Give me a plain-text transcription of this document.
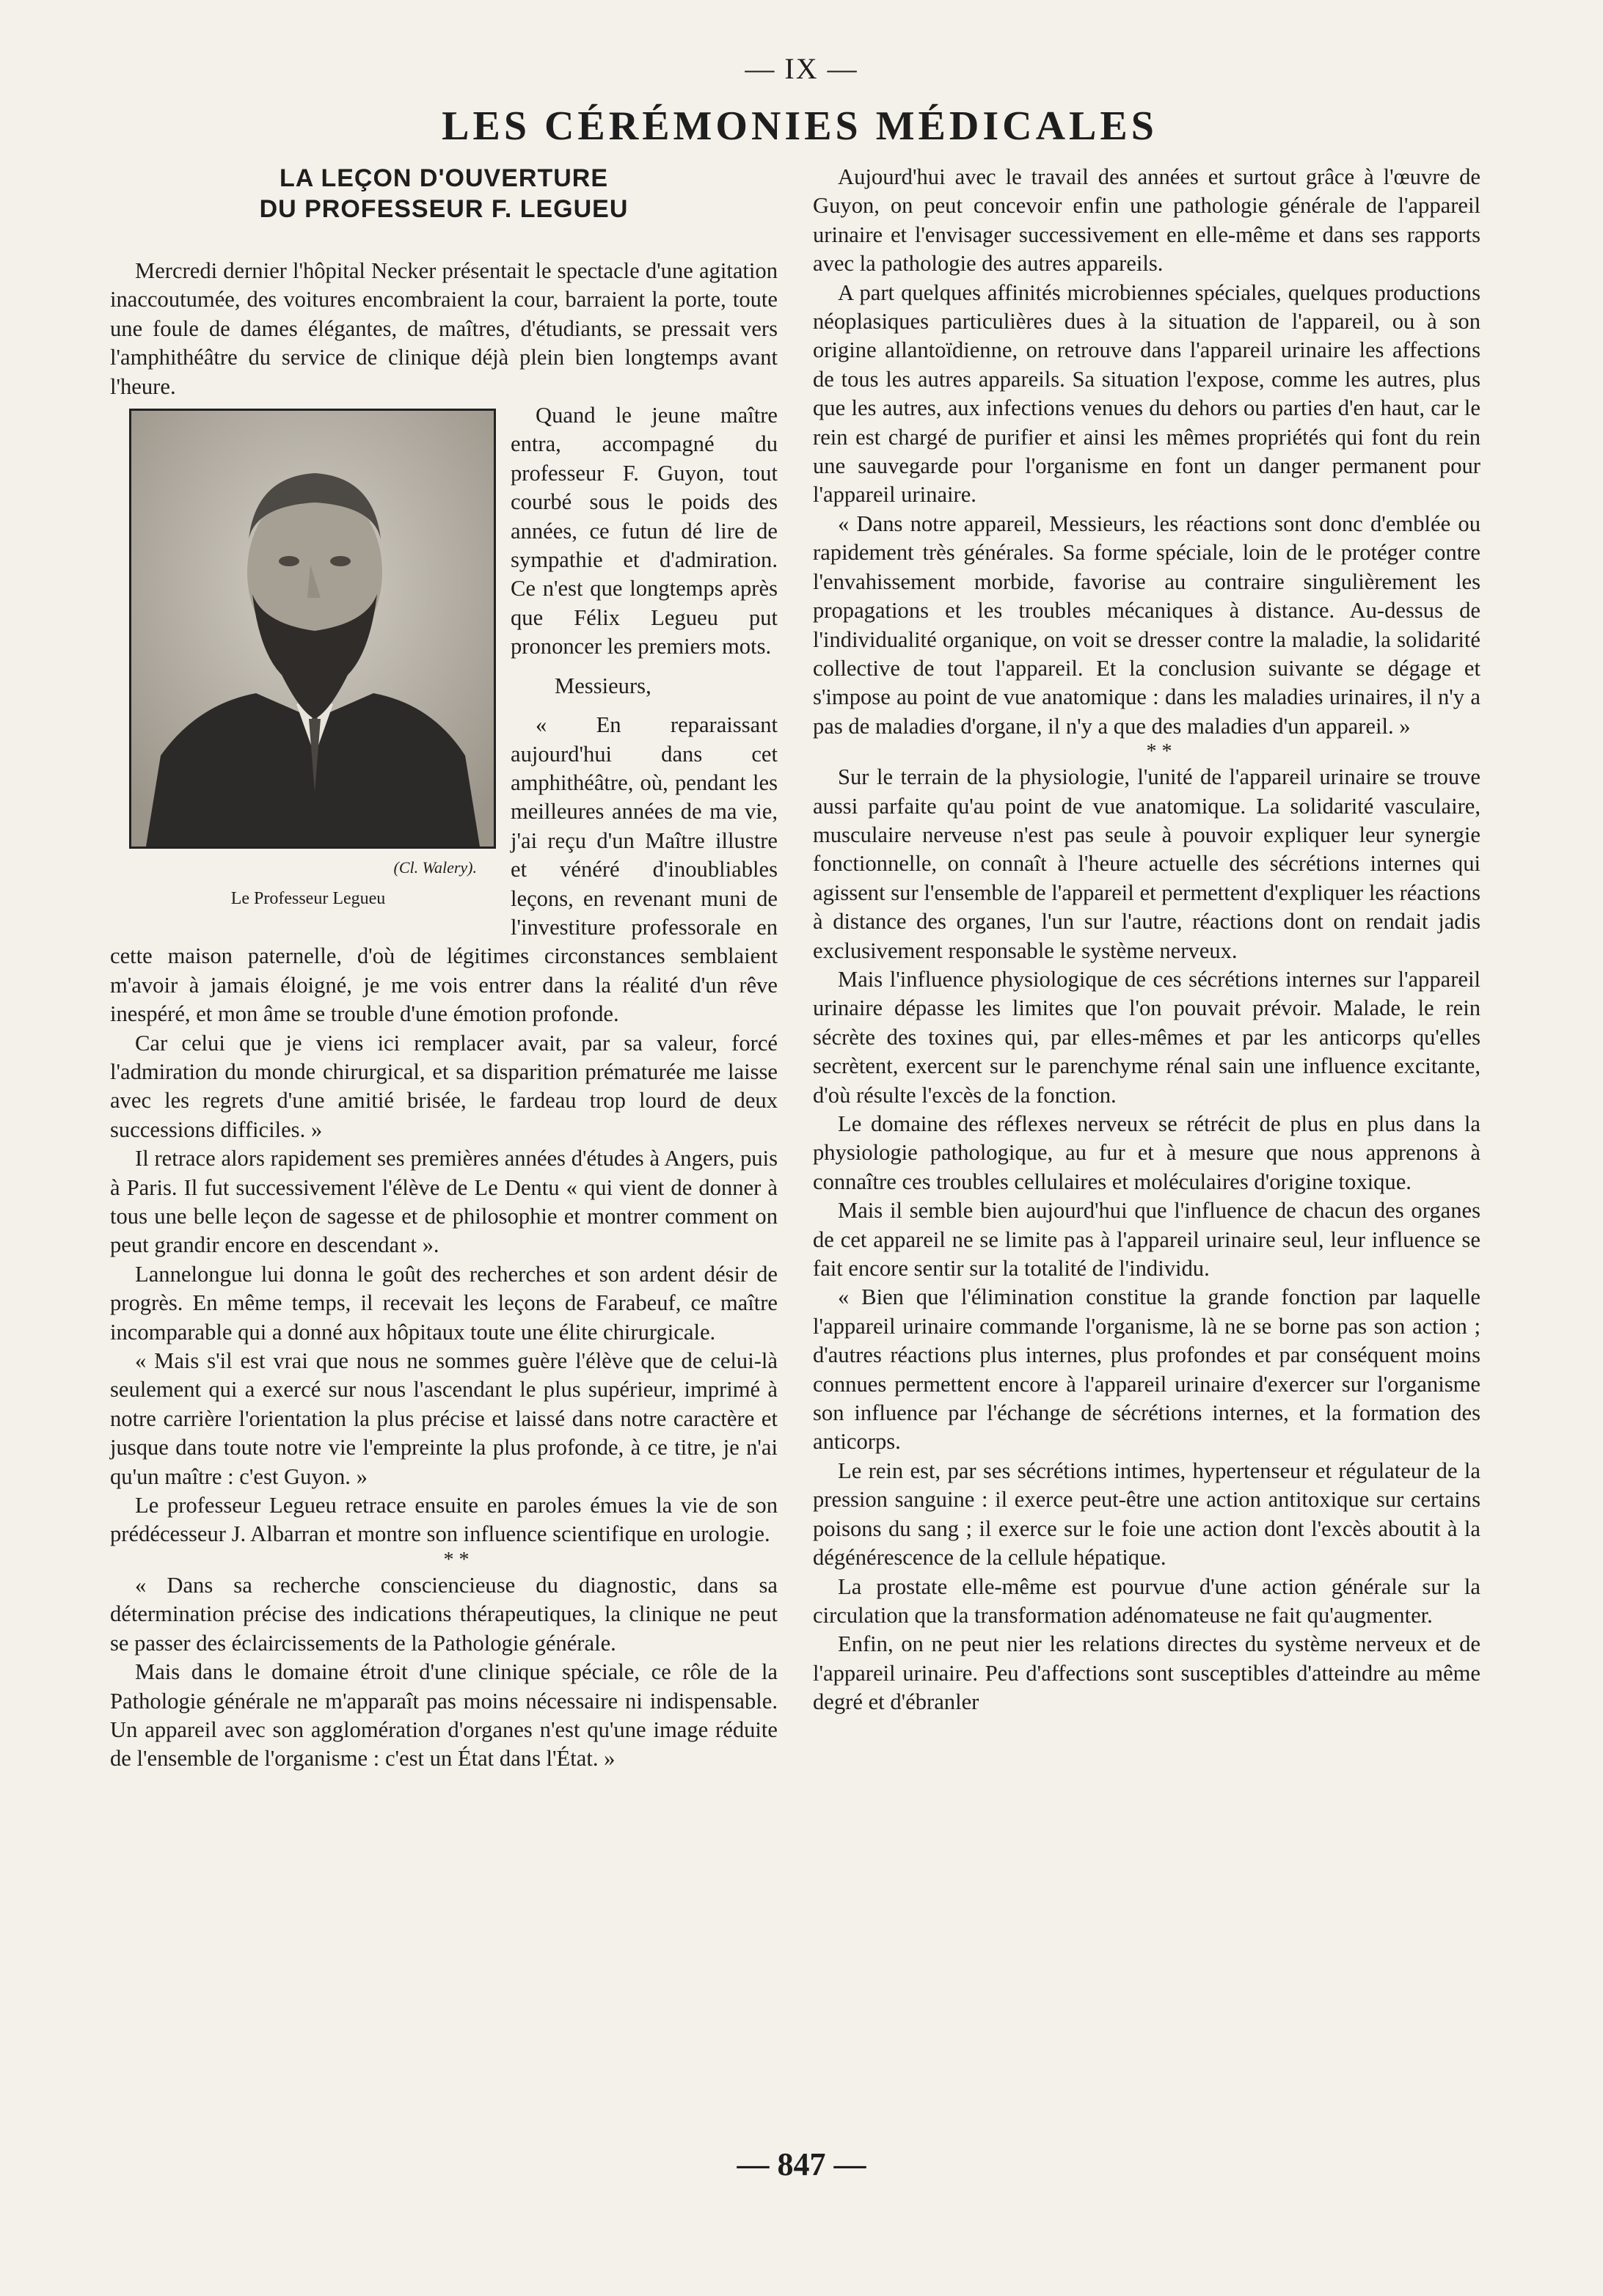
— IX —
LES CÉRÉMONIES MÉDICALES
LA LEÇON D'OUVERTURE
DU PROFESSEUR F. LEGUEU

Mercredi dernier l'hôpital Necker présentait le spectacle d'une agitation inaccoutumée, des voitures encombraient la cour, barraient la porte, toute une foule de dames élégantes, de maîtres, d'étudiants, se pressait vers l'amphithéâtre du service de clinique déjà plein bien longtemps avant l'heure.

(Cl. Walery).
Le Professeur Legueu

Quand le jeune maître entra, accompagné du professeur F. Guyon, tout courbé sous le poids des années, ce futun dé lire de sympathie et d'admiration. Ce n'est que longtemps après que Félix Legueu put prononcer les premiers mots.

Messieurs,

« En reparaissant aujourd'hui dans cet amphithéâtre, où, pendant les meilleures années de ma vie, j'ai reçu d'un Maître illustre et vénéré d'inoubliables leçons, en revenant muni de l'investiture professorale en cette maison paternelle, d'où de légitimes circonstances semblaient m'avoir à jamais éloigné, je me vois entrer dans la réalité d'un rêve inespéré, et mon âme se trouble d'une émotion profonde.

Car celui que je viens ici remplacer avait, par sa valeur, forcé l'admiration du monde chirurgical, et sa disparition prématurée me laisse avec les regrets d'une amitié brisée, le fardeau trop lourd de deux successions difficiles. »

Il retrace alors rapidement ses premières années d'études à Angers, puis à Paris. Il fut successivement l'élève de Le Dentu « qui vient de donner à tous une belle leçon de sagesse et de philosophie et montrer comment on peut grandir encore en descendant ».

Lannelongue lui donna le goût des recherches et son ardent désir de progrès. En même temps, il recevait les leçons de Farabeuf, ce maître incomparable qui a donné aux hôpitaux toute une élite chirurgicale.

« Mais s'il est vrai que nous ne sommes guère l'élève que de celui-là seulement qui a exercé sur nous l'ascendant le plus supérieur, imprimé à notre carrière l'orientation la plus précise et laissé dans notre caractère et jusque dans toute notre vie l'empreinte la plus profonde, à ce titre, je n'ai qu'un maître : c'est Guyon. »

Le professeur Legueu retrace ensuite en paroles émues la vie de son prédécesseur J. Albarran et montre son influence scientifique en urologie.

* *

« Dans sa recherche consciencieuse du diagnostic, dans sa détermination précise des indications thérapeutiques, la clinique ne peut se passer des éclaircissements de la Pathologie générale.

Mais dans le domaine étroit d'une clinique spéciale, ce rôle de la Pathologie générale ne m'apparaît pas moins nécessaire ni indispensable. Un appareil avec son agglomération d'organes n'est qu'une image réduite de l'ensemble de l'organisme : c'est un État dans l'État. »

Aujourd'hui avec le travail des années et surtout grâce à l'œuvre de Guyon, on peut concevoir enfin une pathologie générale de l'appareil urinaire et l'envisager successivement en elle-même et dans ses rapports avec la pathologie des autres appareils.

A part quelques affinités microbiennes spéciales, quelques productions néoplasiques particulières dues à la situation de l'appareil, ou à son origine allantoïdienne, on retrouve dans l'appareil urinaire les affections de tous les autres appareils. Sa situation l'expose, comme les autres, plus que les autres, aux infections venues du dehors ou parties d'en haut, car le rein est chargé de purifier et ainsi les mêmes propriétés qui font du rein une sauvegarde pour l'organisme en font un danger permanent pour l'appareil urinaire.

« Dans notre appareil, Messieurs, les réactions sont donc d'emblée ou rapidement très générales. Sa forme spéciale, loin de le protéger contre l'envahissement morbide, favorise au contraire singulièrement les propagations et les troubles mécaniques à distance. Au-dessus de l'individualité organique, on voit se dresser contre la maladie, la solidarité collective de tout l'appareil. Et la conclusion suivante se dégage et s'impose au point de vue anatomique : dans les maladies urinaires, il n'y a pas de maladies d'organe, il n'y a que des maladies d'un appareil. »

* *

Sur le terrain de la physiologie, l'unité de l'appareil urinaire se trouve aussi parfaite qu'au point de vue anatomique. La solidarité vasculaire, musculaire nerveuse n'est pas seule à pouvoir expliquer leur synergie fonctionnelle, on connaît à l'heure actuelle des sécrétions internes qui agissent sur l'ensemble de l'appareil et permettent d'expliquer les réactions à distance des organes, l'un sur l'autre, réactions dont on rendait jadis exclusivement responsable le système nerveux.

Mais l'influence physiologique de ces sécrétions internes sur l'appareil urinaire dépasse les limites que l'on pouvait prévoir. Malade, le rein sécrète des toxines qui, par elles-mêmes et par les anticorps qu'elles secrètent, exercent sur le parenchyme rénal sain une influence excitante, d'où résulte l'excès de la fonction.

Le domaine des réflexes nerveux se rétrécit de plus en plus dans la physiologie pathologique, au fur et à mesure que nous apprenons à connaître ces troubles cellulaires et moléculaires d'origine toxique.

Mais il semble bien aujourd'hui que l'influence de chacun des organes de cet appareil ne se limite pas à l'appareil urinaire seul, leur influence se fait encore sentir sur la totalité de l'individu.

« Bien que l'élimination constitue la grande fonction par laquelle l'appareil urinaire commande l'organisme, là ne se borne pas son action ; d'autres réactions plus internes, plus profondes et par conséquent moins connues permettent encore à l'appareil urinaire d'exercer sur l'organisme son influence par l'échange de sécrétions internes, et la formation des anticorps.

Le rein est, par ses sécrétions intimes, hypertenseur et régulateur de la pression sanguine : il exerce peut-être une action antitoxique sur certains poisons du sang ; il exerce sur le foie une action dont l'excès aboutit à la dégénérescence de la cellule hépatique.

La prostate elle-même est pourvue d'une action générale sur la circulation que la transformation adénomateuse ne fait qu'augmenter.

Enfin, on ne peut nier les relations directes du système nerveux et de l'appareil urinaire. Peu d'affections sont susceptibles d'atteindre au même degré et d'ébranler

— 847 —
